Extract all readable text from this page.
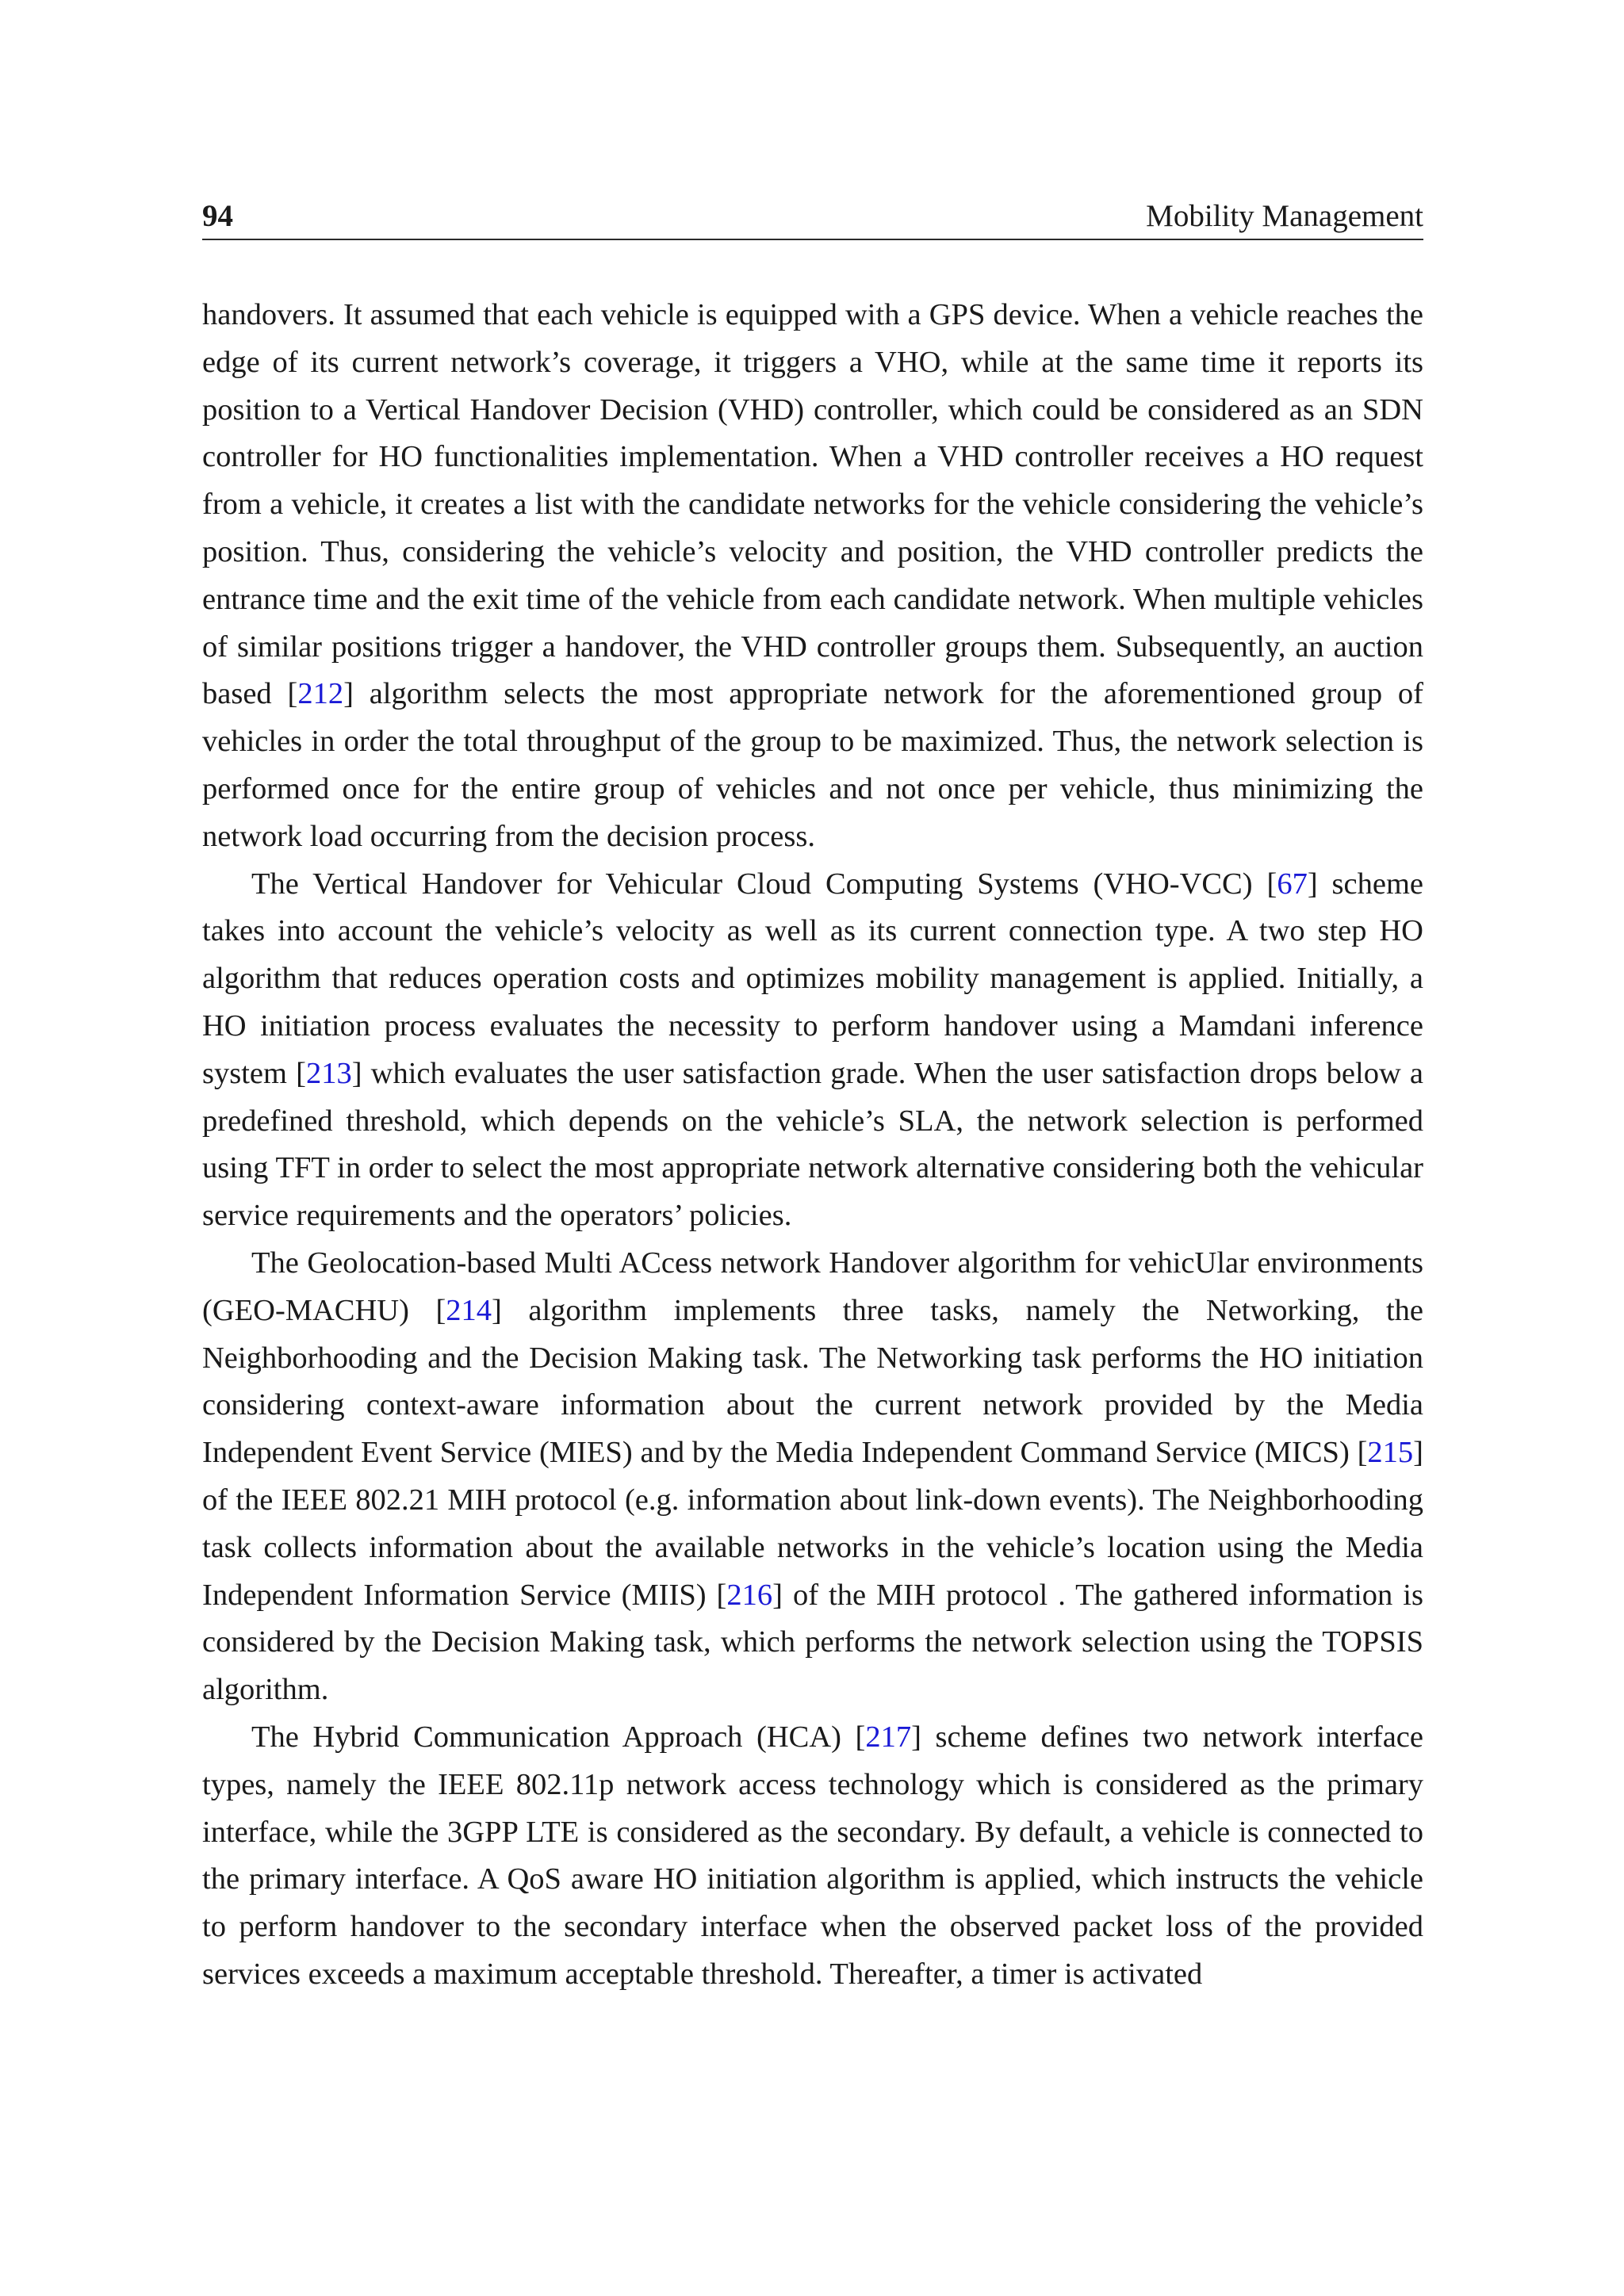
94	Mobility Management

handovers. It assumed that each vehicle is equipped with a GPS device. When a vehicle reaches the edge of its current network’s coverage, it triggers a VHO, while at the same time it reports its position to a Vertical Handover Decision (VHD) controller, which could be considered as an SDN controller for HO functionalities implementation. When a VHD controller receives a HO request from a vehicle, it creates a list with the candidate networks for the vehicle considering the vehicle’s position. Thus, considering the vehicle’s velocity and position, the VHD controller predicts the entrance time and the exit time of the vehicle from each candidate network. When multiple vehicles of similar positions trigger a handover, the VHD controller groups them. Subsequently, an auction based [212] algorithm selects the most appropriate network for the aforementioned group of vehicles in order the total throughput of the group to be maximized. Thus, the network selection is performed once for the entire group of vehicles and not once per vehicle, thus minimizing the network load occurring from the decision process.

The Vertical Handover for Vehicular Cloud Computing Systems (VHO-VCC) [67] scheme takes into account the vehicle’s velocity as well as its current connection type. A two step HO algorithm that reduces operation costs and optimizes mobility management is applied. Initially, a HO initiation process evaluates the necessity to perform handover using a Mamdani inference system [213] which evaluates the user satisfaction grade. When the user satisfaction drops below a predefined threshold, which depends on the vehicle’s SLA, the network selection is performed using TFT in order to select the most appropriate network alternative considering both the vehicular service requirements and the operators’ policies.

The Geolocation-based Multi ACcess network Handover algorithm for vehicUlar environments (GEO-MACHU) [214] algorithm implements three tasks, namely the Networking, the Neighborhooding and the Decision Making task. The Networking task performs the HO initiation considering context-aware information about the current network provided by the Media Independent Event Service (MIES) and by the Media Independent Command Service (MICS) [215] of the IEEE 802.21 MIH protocol (e.g. information about link-down events). The Neighborhooding task collects information about the available networks in the vehicle’s location using the Media Independent Information Service (MIIS) [216] of the MIH protocol . The gathered information is considered by the Decision Making task, which performs the network selection using the TOPSIS algorithm.

The Hybrid Communication Approach (HCA) [217] scheme defines two network interface types, namely the IEEE 802.11p network access technology which is considered as the primary interface, while the 3GPP LTE is considered as the secondary. By default, a vehicle is connected to the primary interface. A QoS aware HO initiation algorithm is applied, which instructs the vehicle to perform handover to the secondary interface when the observed packet loss of the provided services exceeds a maximum acceptable threshold. Thereafter, a timer is activated
